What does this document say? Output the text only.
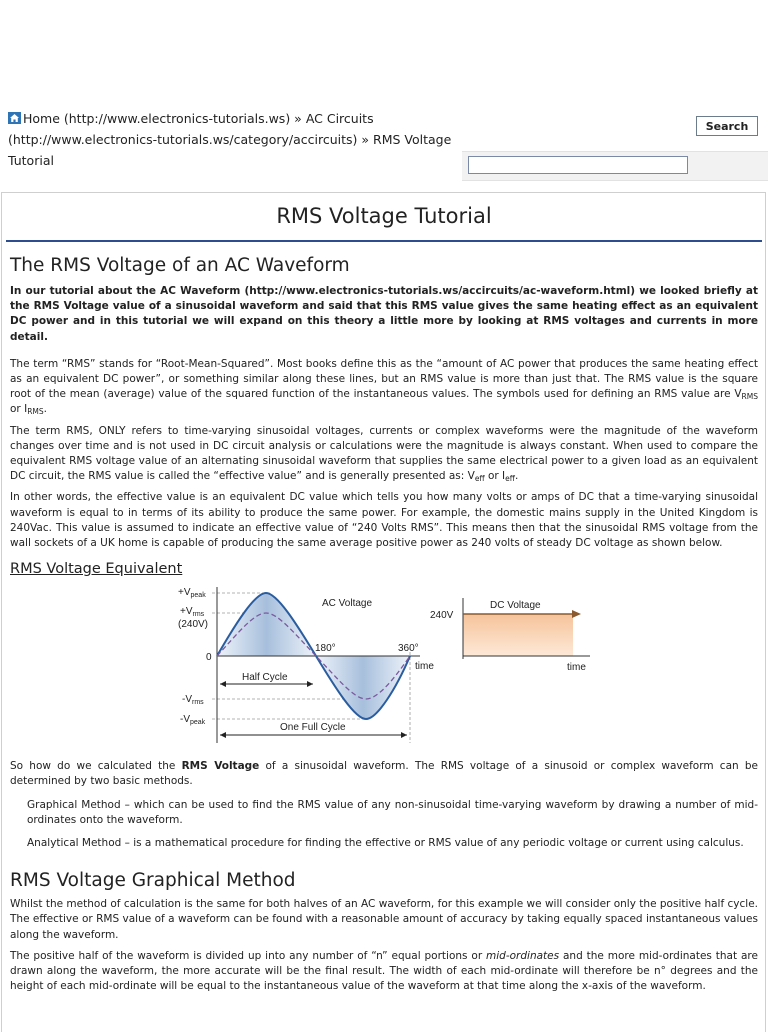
Home (http://www.electronics-tutorials.ws) » AC Circuits (http://www.electronics-tutorials.ws/category/accircuits) » RMS Voltage Tutorial
Search
RMS Voltage Tutorial
The RMS Voltage of an AC Waveform

In our tutorial about the AC Waveform (http://www.electronics-tutorials.ws/accircuits/ac-waveform.html) we looked briefly at the RMS Voltage value of a sinusoidal waveform and said that this RMS value gives the same heating effect as an equivalent DC power and in this tutorial we will expand on this theory a little more by looking at RMS voltages and currents in more detail.

The term “RMS” stands for “Root-Mean-Squared”. Most books define this as the “amount of AC power that produces the same heating effect as an equivalent DC power”, or something similar along these lines, but an RMS value is more than just that. The RMS value is the square root of the mean (average) value of the squared function of the instantaneous values. The symbols used for defining an RMS value are $V_{RMS}$ or $I_{RMS}$.

The term RMS, ONLY refers to time-varying sinusoidal voltages, currents or complex waveforms were the magnitude of the waveform changes over time and is not used in DC circuit analysis or calculations were the magnitude is always constant. When used to compare the equivalent RMS voltage value of an alternating sinusoidal waveform that supplies the same electrical power to a given load as an equivalent DC circuit, the RMS value is called the “effective value” and is generally presented as: $V_{eff}$ or $I_{eff}$.

In other words, the effective value is an equivalent DC value which tells you how many volts or amps of DC that a time-varying sinusoidal waveform is equal to in terms of its ability to produce the same power. For example, the domestic mains supply in the United Kingdom is 240Vac. This value is assumed to indicate an effective value of “240 Volts RMS”. This means then that the sinusoidal RMS voltage from the wall sockets of a UK home is capable of producing the same average positive power as 240 volts of steady DC voltage as shown below.

RMS Voltage Equivalent
$+V_{peak}$
$+V_{rms}$
(240V)
0
$-V_{rms}$
$-V_{peak}$
AC Voltage
180°	360°
time
Half Cycle
One Full Cycle
240V
DC Voltage
time

So how do we calculated the RMS Voltage of a sinusoidal waveform. The RMS voltage of a sinusoid or complex waveform can be determined by two basic methods.

Graphical Method – which can be used to find the RMS value of any non-sinusoidal time-varying waveform by drawing a number of mid-ordinates onto the waveform.

Analytical Method – is a mathematical procedure for finding the effective or RMS value of any periodic voltage or current using calculus.

RMS Voltage Graphical Method

Whilst the method of calculation is the same for both halves of an AC waveform, for this example we will consider only the positive half cycle. The effective or RMS value of a waveform can be found with a reasonable amount of accuracy by taking equally spaced instantaneous values along the waveform.

The positive half of the waveform is divided up into any number of “n” equal portions or mid-ordinates and the more mid-ordinates that are drawn along the waveform, the more accurate will be the final result. The width of each mid-ordinate will therefore be n° degrees and the height of each mid-ordinate will be equal to the instantaneous value of the waveform at that time along the x-axis of the waveform.
